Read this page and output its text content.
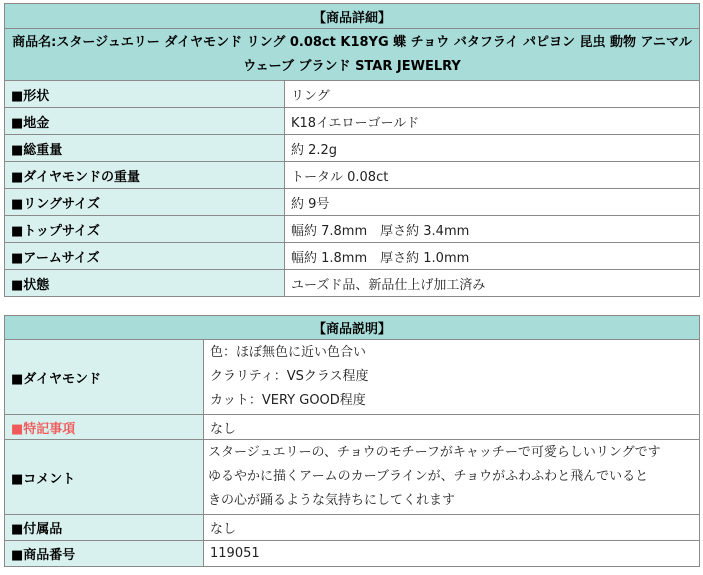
【商品詳細】	
商品名:スタージュエリー ダイヤモンド リング 0.08ct K18YG 蝶 チョウ バタフライ パピヨン 昆虫 動物 アニマル ウェーブ ブランド STAR JEWELRY	
■形状	リング
■地金	K18イエローゴールド
■総重量	約 2.2g
■ダイヤモンドの重量	トータル 0.08ct
■リングサイズ	約 9号
■トップサイズ	幅約 7.8mm　厚さ約 3.4mm
■アームサイズ	幅約 1.8mm　厚さ約 1.0mm
■状態	ユーズド品、新品仕上げ加工済み
【商品説明】	
■ダイヤモンド	色：ほぼ無色に近い色合い
クラリティ：VSクラス程度
カット：VERY GOOD程度

■特記事項	なし
■コメント	スタージュエリーの、チョウのモチーフがキャッチーで可愛らしいリングです
ゆるやかに描くアームのカーブラインが、チョウがふわふわと飛んでいると
きの心が踊るような気持ちにしてくれます

■付属品	なし
■商品番号	119051
